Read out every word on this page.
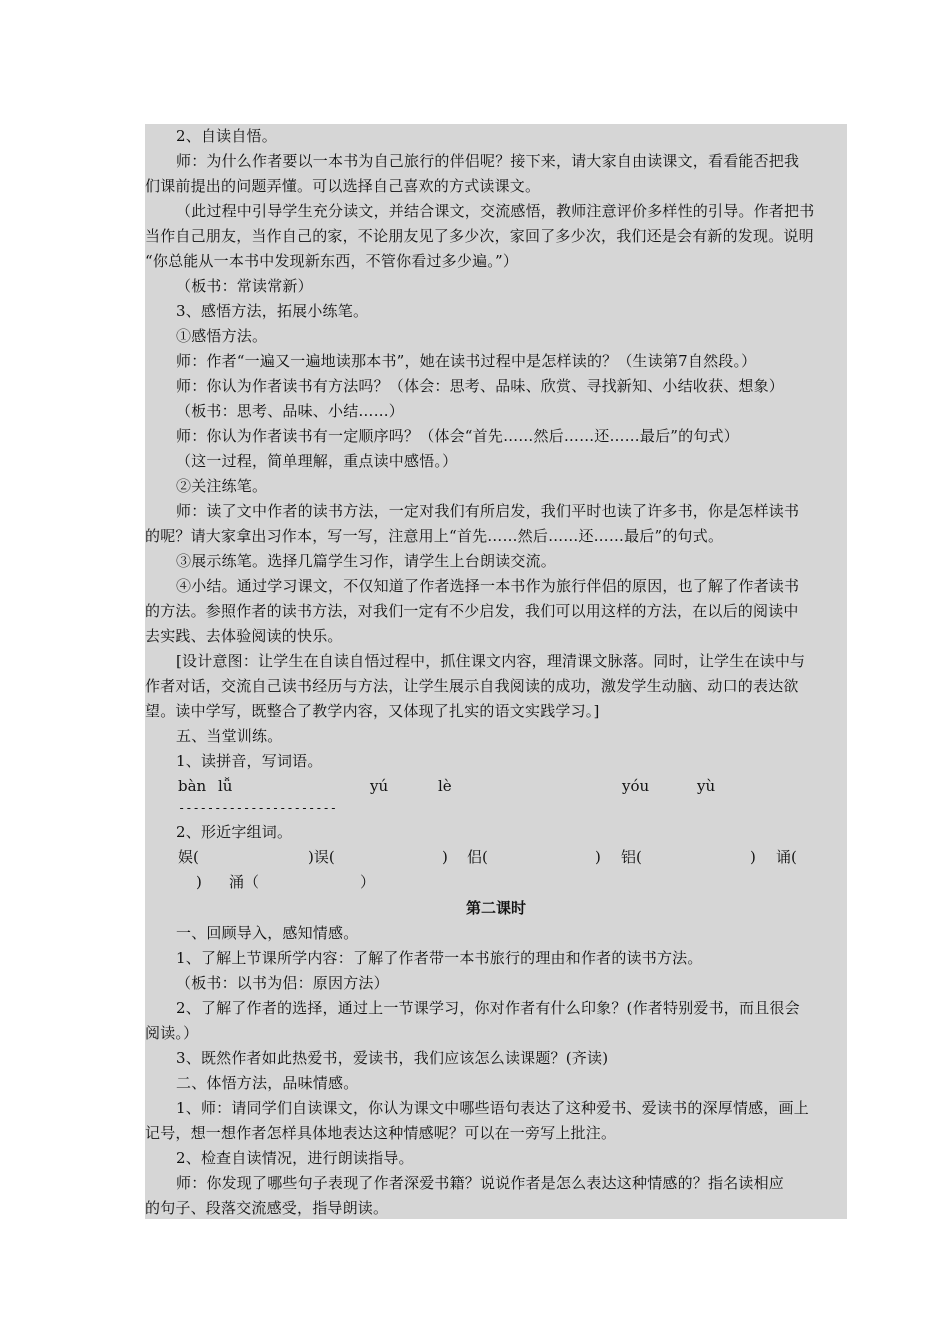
2、自读自悟。
师：为什么作者要以一本书为自己旅行的伴侣呢？接下来，请大家自由读课文，看看能否把我
们课前提出的问题弄懂。可以选择自己喜欢的方式读课文。
（此过程中引导学生充分读文，并结合课文，交流感悟，教师注意评价多样性的引导。作者把书
当作自己朋友，当作自己的家，不论朋友见了多少次，家回了多少次，我们还是会有新的发现。说明
“你总能从一本书中发现新东西，不管你看过多少遍。”）
（板书：常读常新）
3、感悟方法，拓展小练笔。
①感悟方法。
师：作者“一遍又一遍地读那本书”，她在读书过程中是怎样读的？（生读第7自然段。）
师：你认为作者读书有方法吗？（体会：思考、品味、欣赏、寻找新知、小结收获、想象）
（板书：思考、品味、小结……）
师：你认为作者读书有一定顺序吗？（体会“首先……然后……还……最后”的句式）
（这一过程，简单理解，重点读中感悟。）
②关注练笔。
师：读了文中作者的读书方法，一定对我们有所启发，我们平时也读了许多书，你是怎样读书
的呢？请大家拿出习作本，写一写，注意用上“首先……然后……还……最后”的句式。
③展示练笔。选择几篇学生习作，请学生上台朗读交流。
④小结。通过学习课文，不仅知道了作者选择一本书作为旅行伴侣的原因，也了解了作者读书
的方法。参照作者的读书方法，对我们一定有不少启发，我们可以用这样的方法，在以后的阅读中
去实践、去体验阅读的快乐。
[设计意图：让学生在自读自悟过程中，抓住课文内容，理清课文脉落。同时，让学生在读中与
作者对话，交流自己读书经历与方法，让学生展示自我阅读的成功，激发学生动脑、动口的表达欲
望。读中学写，既整合了教学内容，又体现了扎实的语文实践学习。]
五、当堂训练。
1、读拼音，写词语。
bàn lǚ	yú	lè	yóu	yù
----------------------
2、形近字组词。
娱(	)误(	) 侣(	) 铝(	) 诵(
) 涌（	）
第二课时
一、回顾导入，感知情感。
1、了解上节课所学内容：了解了作者带一本书旅行的理由和作者的读书方法。
（板书：以书为侣：原因方法）
2、了解了作者的选择，通过上一节课学习，你对作者有什么印象？(作者特别爱书，而且很会
阅读。）
3、既然作者如此热爱书，爱读书，我们应该怎么读课题？(齐读)
二、体悟方法，品味情感。
1、师：请同学们自读课文，你认为课文中哪些语句表达了这种爱书、爱读书的深厚情感，画上
记号，想一想作者怎样具体地表达这种情感呢？可以在一旁写上批注。
2、检查自读情况，进行朗读指导。
师：你发现了哪些句子表现了作者深爱书籍？说说作者是怎么表达这种情感的？指名读相应
的句子、段落交流感受，指导朗读。
